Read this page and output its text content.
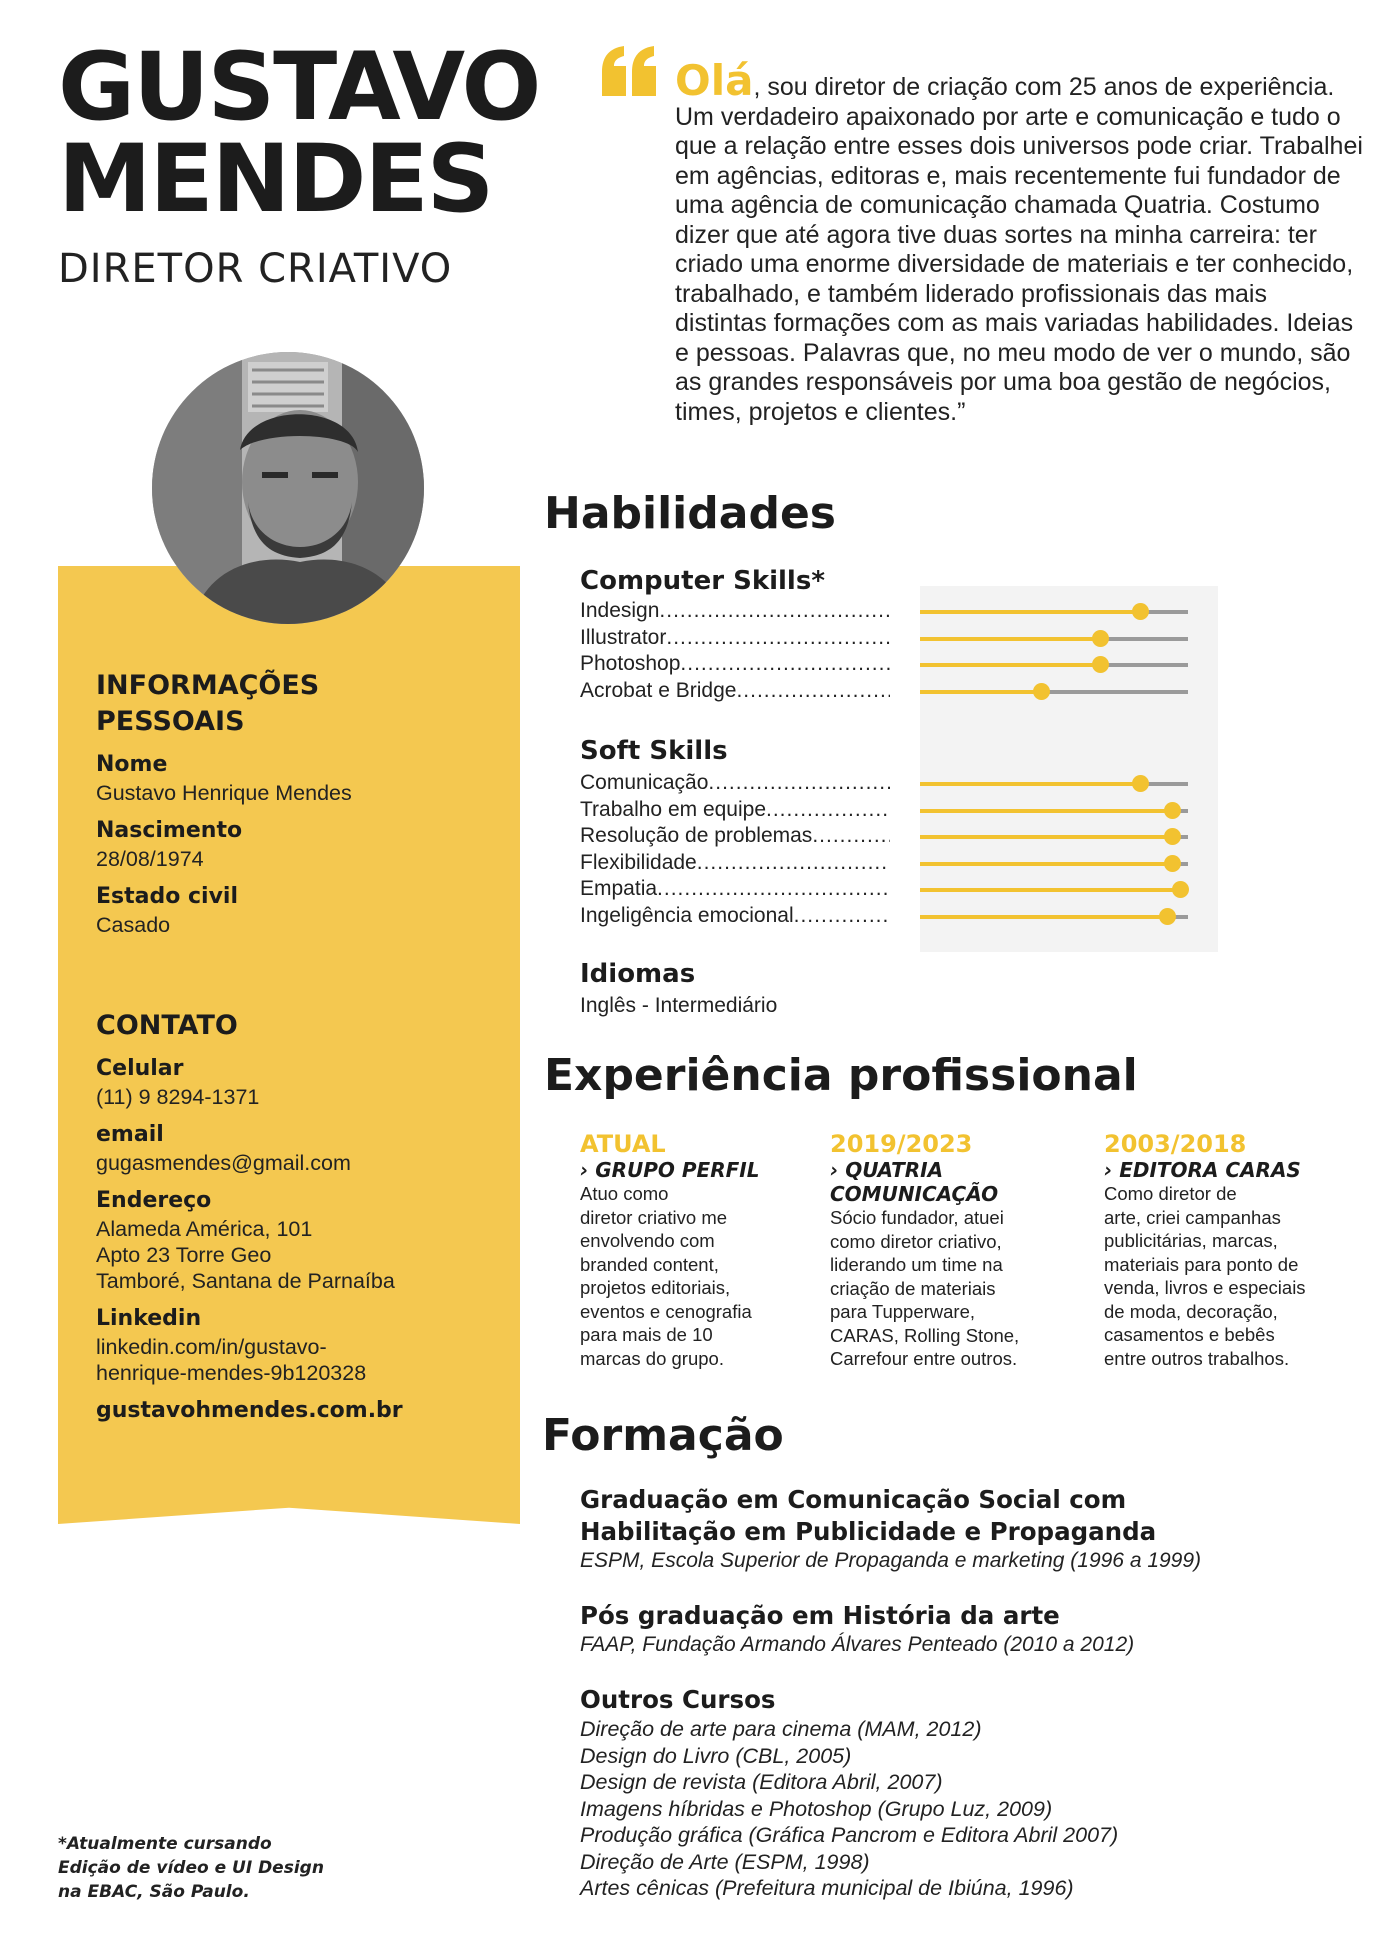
GUSTAVO
MENDES
DIRETOR CRIATIVO
Olá, sou diretor de criação com 25 anos de experiência. Um verdadeiro apaixonado por arte e comunicação e tudo o que a relação entre esses dois universos pode criar. Trabalhei em agências, editoras e, mais recentemente fui fundador de uma agência de comunicação chamada Quatria. Costumo dizer que até agora tive duas sortes na minha carreira: ter criado uma enorme diversidade de materiais e ter conhecido, trabalhado, e também liderado profissionais das mais distintas formações com as mais variadas habilidades. Ideias e pessoas. Palavras que, no meu modo de ver o mundo, são as grandes responsáveis por uma boa gestão de negócios, times, projetos e clientes.”
INFORMAÇÕES
PESSOAIS
Nome
Gustavo Henrique Mendes
Nascimento
28/08/1974
Estado civil
Casado
CONTATO
Celular
(11) 9 8294-1371
email
gugasmendes@gmail.com
Endereço
Alameda América, 101
Apto 23 Torre Geo
Tamboré, Santana de Parnaíba
Linkedin
linkedin.com/in/gustavo-
henrique-mendes-9b120328
gustavohmendes.com.br
*Atualmente cursando
Edição de vídeo e UI Design
na EBAC, São Paulo.
Habilidades
Computer Skills*
Indesign .....
Illustrator .....
Photoshop .....
Acrobat e Bridge .....
Soft Skills
Comunicação .....
Trabalho em equipe .....
Resolução de problemas .....
Flexibilidade .....
Empatia .....
Ingeligência emocional .....
Idiomas
Inglês - Intermediário
Experiência profissional
ATUAL
› GRUPO PERFIL
Atuo como
diretor criativo me
envolvendo com
branded content,
projetos editoriais,
eventos e cenografia
para mais de 10
marcas do grupo.
2019/2023
› QUATRIA
COMUNICAÇÃO
Sócio fundador, atuei
como diretor criativo,
liderando um time na
criação de materiais
para Tupperware,
CARAS, Rolling Stone,
Carrefour entre outros.
2003/2018
› EDITORA CARAS
Como diretor de
arte, criei campanhas
publicitárias, marcas,
materiais para ponto de
venda, livros e especiais
de moda, decoração,
casamentos e bebês
entre outros trabalhos.
Formação
Graduação em Comunicação Social com
Habilitação em Publicidade e Propaganda
ESPM, Escola Superior de Propaganda e marketing (1996 a 1999)
Pós graduação em História da arte
FAAP, Fundação Armando Álvares Penteado (2010 a 2012)
Outros Cursos
Direção de arte para cinema (MAM, 2012)
Design do Livro (CBL, 2005)
Design de revista (Editora Abril, 2007)
Imagens híbridas e Photoshop (Grupo Luz, 2009)
Produção gráfica (Gráfica Pancrom e Editora Abril 2007)
Direção de Arte (ESPM, 1998)
Artes cênicas (Prefeitura municipal de Ibiúna, 1996)
